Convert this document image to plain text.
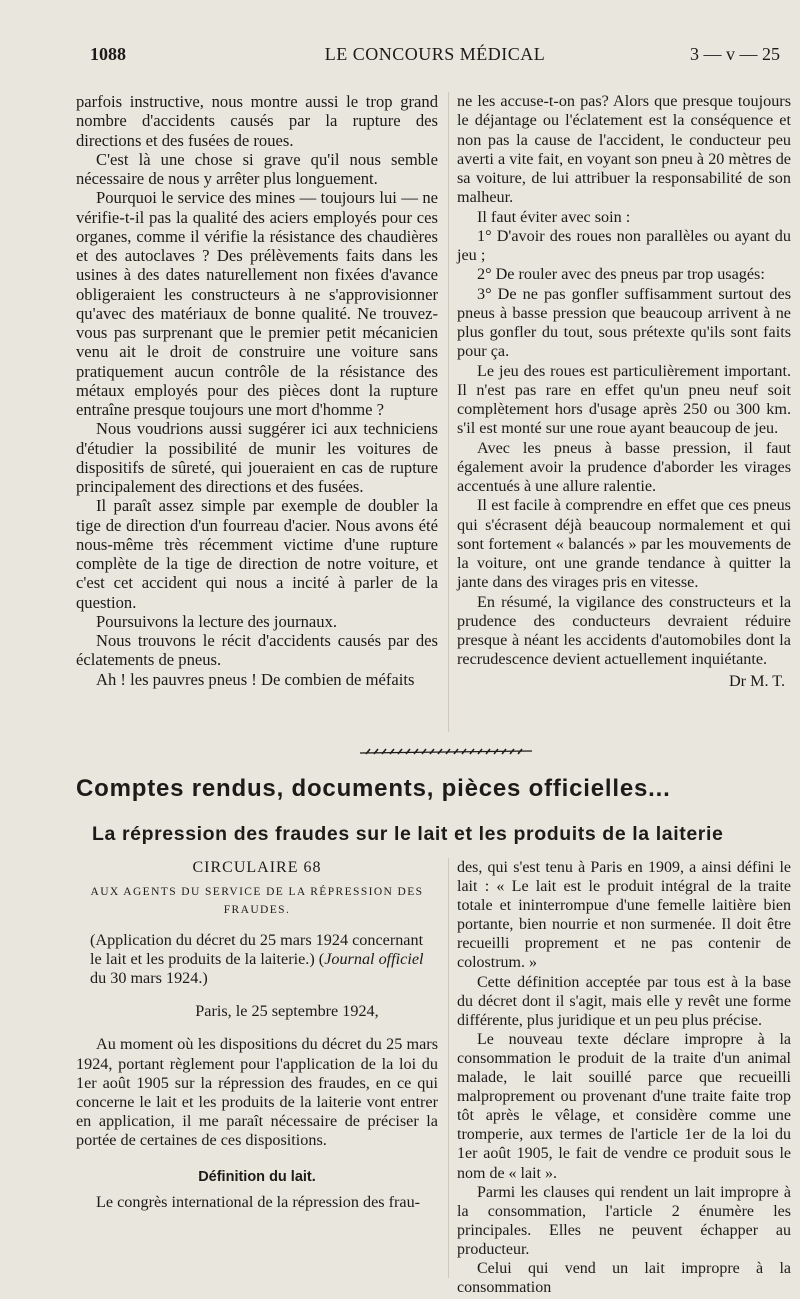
1088	LE CONCOURS MÉDICAL	3 — v — 25

parfois instructive, nous montre aussi le trop grand nombre d'accidents causés par la rupture des directions et des fusées de roues.

C'est là une chose si grave qu'il nous semble nécessaire de nous y arrêter plus longuement.

Pourquoi le service des mines — toujours lui — ne vérifie-t-il pas la qualité des aciers employés pour ces organes, comme il vérifie la résistance des chaudières et des autoclaves ? Des prélèvements faits dans les usines à des dates naturellement non fixées d'avance obligeraient les constructeurs à ne s'approvisionner qu'avec des matériaux de bonne qualité. Ne trouvez-vous pas surprenant que le premier petit mécanicien venu ait le droit de construire une voiture sans pratiquement aucun contrôle de la résistance des métaux employés pour des pièces dont la rupture entraîne presque toujours une mort d'homme ?

Nous voudrions aussi suggérer ici aux techniciens d'étudier la possibilité de munir les voitures de dispositifs de sûreté, qui joueraient en cas de rupture principalement des directions et des fusées.

Il paraît assez simple par exemple de doubler la tige de direction d'un fourreau d'acier. Nous avons été nous-même très récemment victime d'une rupture complète de la tige de direction de notre voiture, et c'est cet accident qui nous a incité à parler de la question.

Poursuivons la lecture des journaux.

Nous trouvons le récit d'accidents causés par des éclatements de pneus.

Ah ! les pauvres pneus ! De combien de méfaits

ne les accuse-t-on pas? Alors que presque toujours le déjantage ou l'éclatement est la conséquence et non pas la cause de l'accident, le conducteur peu averti a vite fait, en voyant son pneu à 20 mètres de sa voiture, de lui attribuer la responsabilité de son malheur.

Il faut éviter avec soin :

1° D'avoir des roues non parallèles ou ayant du jeu ;

2° De rouler avec des pneus par trop usagés:

3° De ne pas gonfler suffisamment surtout des pneus à basse pression que beaucoup arrivent à ne plus gonfler du tout, sous prétexte qu'ils sont faits pour ça.

Le jeu des roues est particulièrement important. Il n'est pas rare en effet qu'un pneu neuf soit complètement hors d'usage après 250 ou 300 km. s'il est monté sur une roue ayant beaucoup de jeu.

Avec les pneus à basse pression, il faut également avoir la prudence d'aborder les virages accentués à une allure ralentie.

Il est facile à comprendre en effet que ces pneus qui s'écrasent déjà beaucoup normalement et qui sont fortement « balancés » par les mouvements de la voiture, ont une grande tendance à quitter la jante dans des virages pris en vitesse.

En résumé, la vigilance des constructeurs et la prudence des conducteurs devraient réduire presque à néant les accidents d'automobiles dont la recrudescence devient actuellement inquiétante.

Dr M. T.
Comptes rendus, documents, pièces officielles...
La répression des fraudes sur le lait et les produits de la laiterie
CIRCULAIRE 68
AUX AGENTS DU SERVICE DE LA RÉPRESSION DES FRAUDES.

(Application du décret du 25 mars 1924 concernant le lait et les produits de la laiterie.) (Journal officiel du 30 mars 1924.)

Paris, le 25 septembre 1924,

Au moment où les dispositions du décret du 25 mars 1924, portant règlement pour l'application de la loi du 1er août 1905 sur la répression des fraudes, en ce qui concerne le lait et les produits de la laiterie vont entrer en application, il me paraît nécessaire de préciser la portée de certaines de ces dispositions.

Définition du lait.

Le congrès international de la répression des frau-

des, qui s'est tenu à Paris en 1909, a ainsi défini le lait : « Le lait est le produit intégral de la traite totale et ininterrompue d'une femelle laitière bien portante, bien nourrie et non surmenée. Il doit être recueilli proprement et ne pas contenir de colostrum. »

Cette définition acceptée par tous est à la base du décret dont il s'agit, mais elle y revêt une forme différente, plus juridique et un peu plus précise.

Le nouveau texte déclare impropre à la consommation le produit de la traite d'un animal malade, le lait souillé parce que recueilli malproprement ou provenant d'une traite faite trop tôt après le vêlage, et considère comme une tromperie, aux termes de l'article 1er de la loi du 1er août 1905, le fait de vendre ce produit sous le nom de « lait ».

Parmi les clauses qui rendent un lait impropre à la consommation, l'article 2 énumère les principales. Elles ne peuvent échapper au producteur.

Celui qui vend un lait impropre à la consommation
